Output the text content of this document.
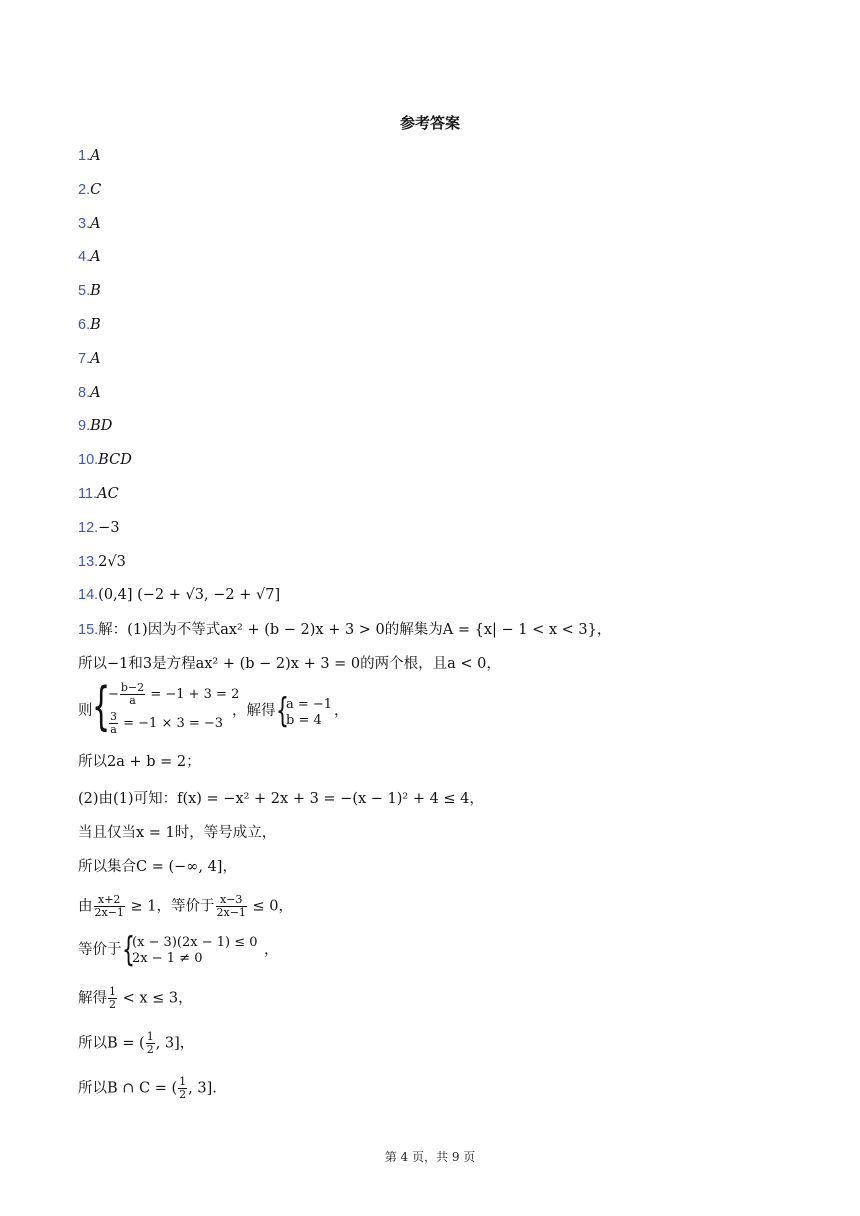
参考答案
1.A
2.C
3.A
4.A
5.B
6.B
7.A
8.A
9.BD
10.BCD
11.AC
12.−3
13.2√3
14.(0,4] (−2 + √3, −2 + √7]
15.解：(1)因为不等式ax² + (b − 2)x + 3 > 0的解集为A = {x| − 1 < x < 3}，
所以−1和3是方程ax² + (b − 2)x + 3 = 0的两个根，且a < 0，
则 {
− $\frac{b-2}{a} = -1 + 3 = 2$
$\frac{3}{a} = -1 \times 3 = -3$
，解得 {
a = −1
b = 4
，
所以2a + b = 2；
(2)由(1)可知：f(x) = −x² + 2x + 3 = −(x − 1)² + 4 ≤ 4，
当且仅当x = 1时，等号成立，
所以集合C = (−∞, 4]，
由 $\frac{x+2}{2x-1} \ge 1$，等价于 $\frac{x-3}{2x-1} \le 0$，
等价于 {
(x − 3)(2x − 1) ≤ 0
2x − 1 ≠ 0
，
解得 $\frac{1}{2} < x \le 3$，
所以B = ( $\frac{1}{2}$ , 3]，
所以B ∩ C = ( $\frac{1}{2}$ , 3].
第 4 页，共 9 页
